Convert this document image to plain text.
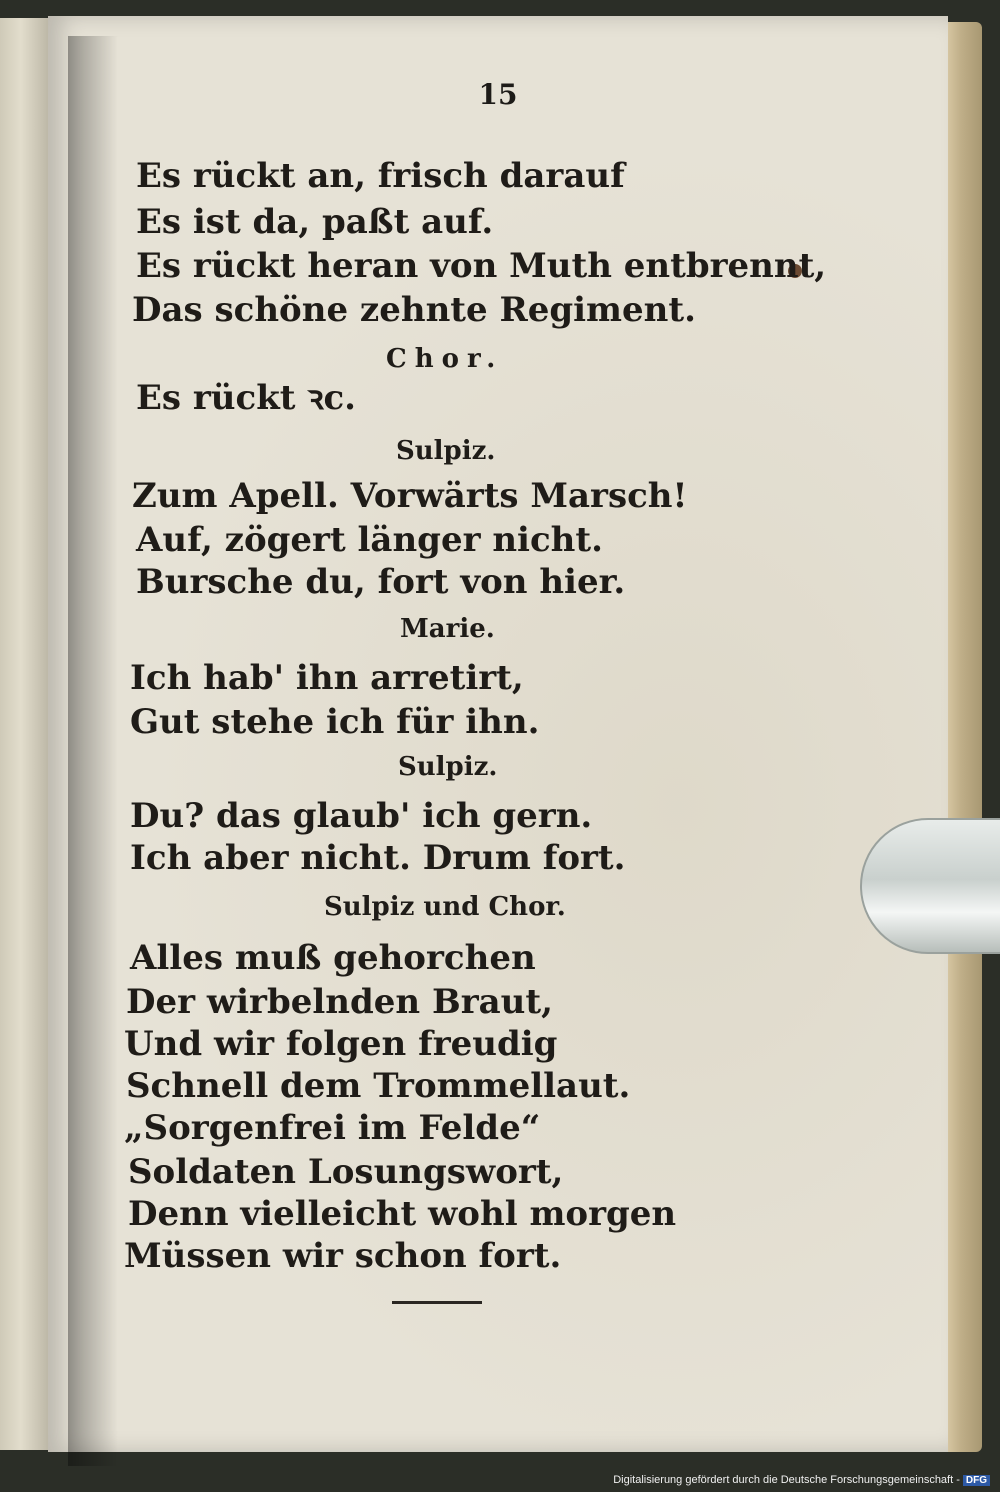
15
Es rückt an, frisch darauf
Es ist da, paßt auf.
Es rückt heran von Muth entbrennt,
Das schöne zehnte Regiment.
Chor.
Es rückt ꝛc.
Sulpiz.
Zum Apell. Vorwärts Marsch!
Auf, zögert länger nicht.
Bursche du, fort von hier.
Marie.
Ich hab' ihn arretirt,
Gut stehe ich für ihn.
Sulpiz.
Du? das glaub' ich gern.
Ich aber nicht. Drum fort.
Sulpiz und Chor.
Alles muß gehorchen
Der wirbelnden Braut,
Und wir folgen freudig
Schnell dem Trommellaut.
„Sorgenfrei im Felde“
Soldaten Losungswort,
Denn vielleicht wohl morgen
Müssen wir schon fort.
Digitalisierung gefördert durch die Deutsche Forschungsgemeinschaft - DFG
